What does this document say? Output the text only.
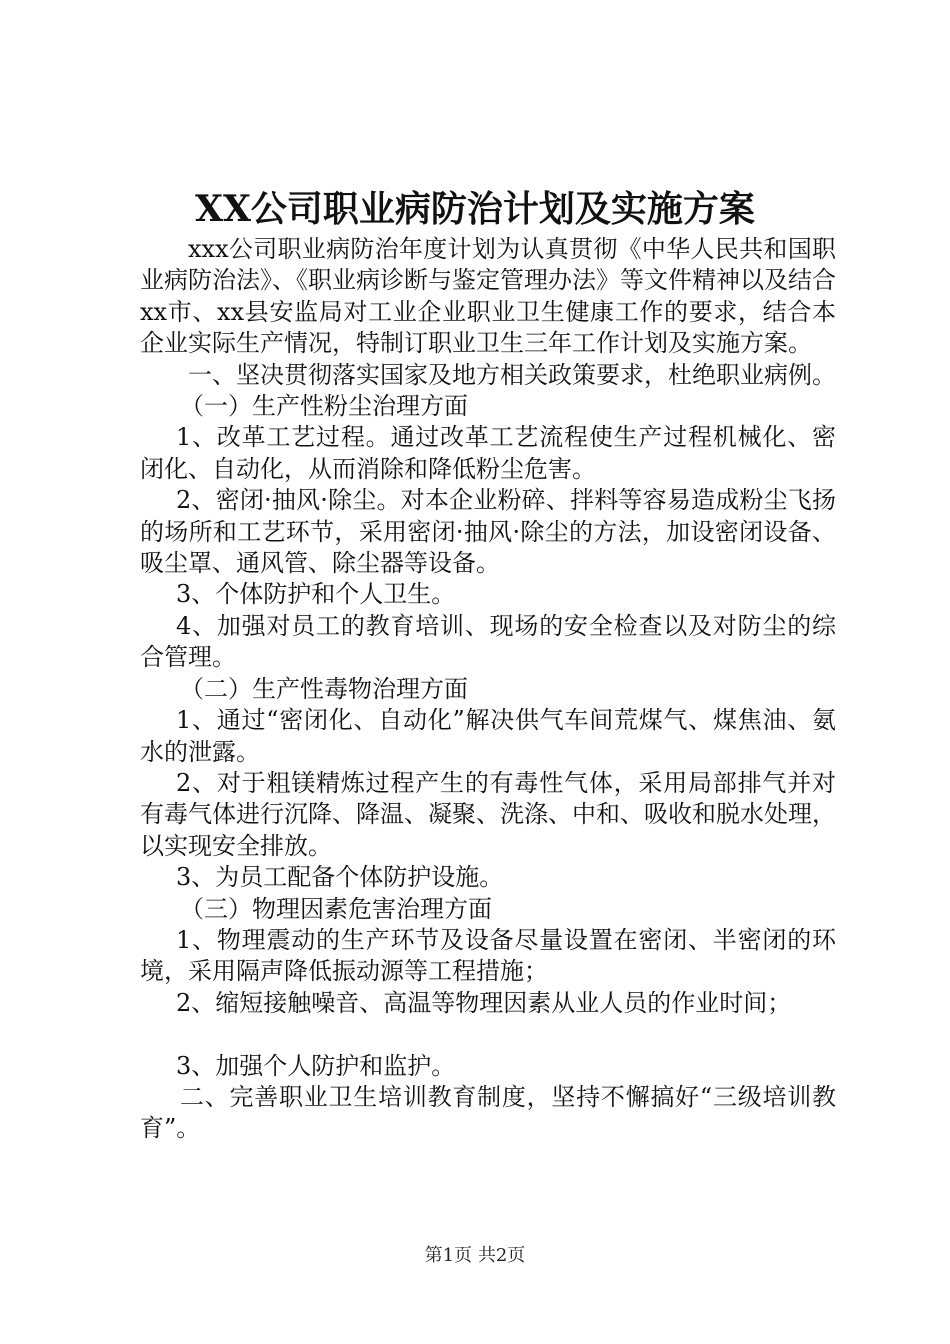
XX公司职业病防治计划及实施方案

xxx公司职业病防治年度计划为认真贯彻《中华人民共和国职业病防治法》、《职业病诊断与鉴定管理办法》等文件精神以及结合xx市、xx县安监局对工业企业职业卫生健康工作的要求，结合本企业实际生产情况，特制订职业卫生三年工作计划及实施方案。

一、坚决贯彻落实国家及地方相关政策要求，杜绝职业病例。

（一）生产性粉尘治理方面

1、改革工艺过程。通过改革工艺流程使生产过程机械化、密闭化、自动化，从而消除和降低粉尘危害。

2、密闭·抽风·除尘。对本企业粉碎、拌料等容易造成粉尘飞扬的场所和工艺环节，采用密闭·抽风·除尘的方法，加设密闭设备、吸尘罩、通风管、除尘器等设备。

3、个体防护和个人卫生。

4、加强对员工的教育培训、现场的安全检查以及对防尘的综合管理。

（二）生产性毒物治理方面

1、通过“密闭化、自动化”解决供气车间荒煤气、煤焦油、氨水的泄露。

2、对于粗镁精炼过程产生的有毒性气体，采用局部排气并对有毒气体进行沉降、降温、凝聚、洗涤、中和、吸收和脱水处理，以实现安全排放。

3、为员工配备个体防护设施。

（三）物理因素危害治理方面

1、物理震动的生产环节及设备尽量设置在密闭、半密闭的环境，采用隔声降低振动源等工程措施；

2、缩短接触噪音、高温等物理因素从业人员的作业时间；

3、加强个人防护和监护。

二、完善职业卫生培训教育制度，坚持不懈搞好“三级培训教育”。

第1页 共2页
